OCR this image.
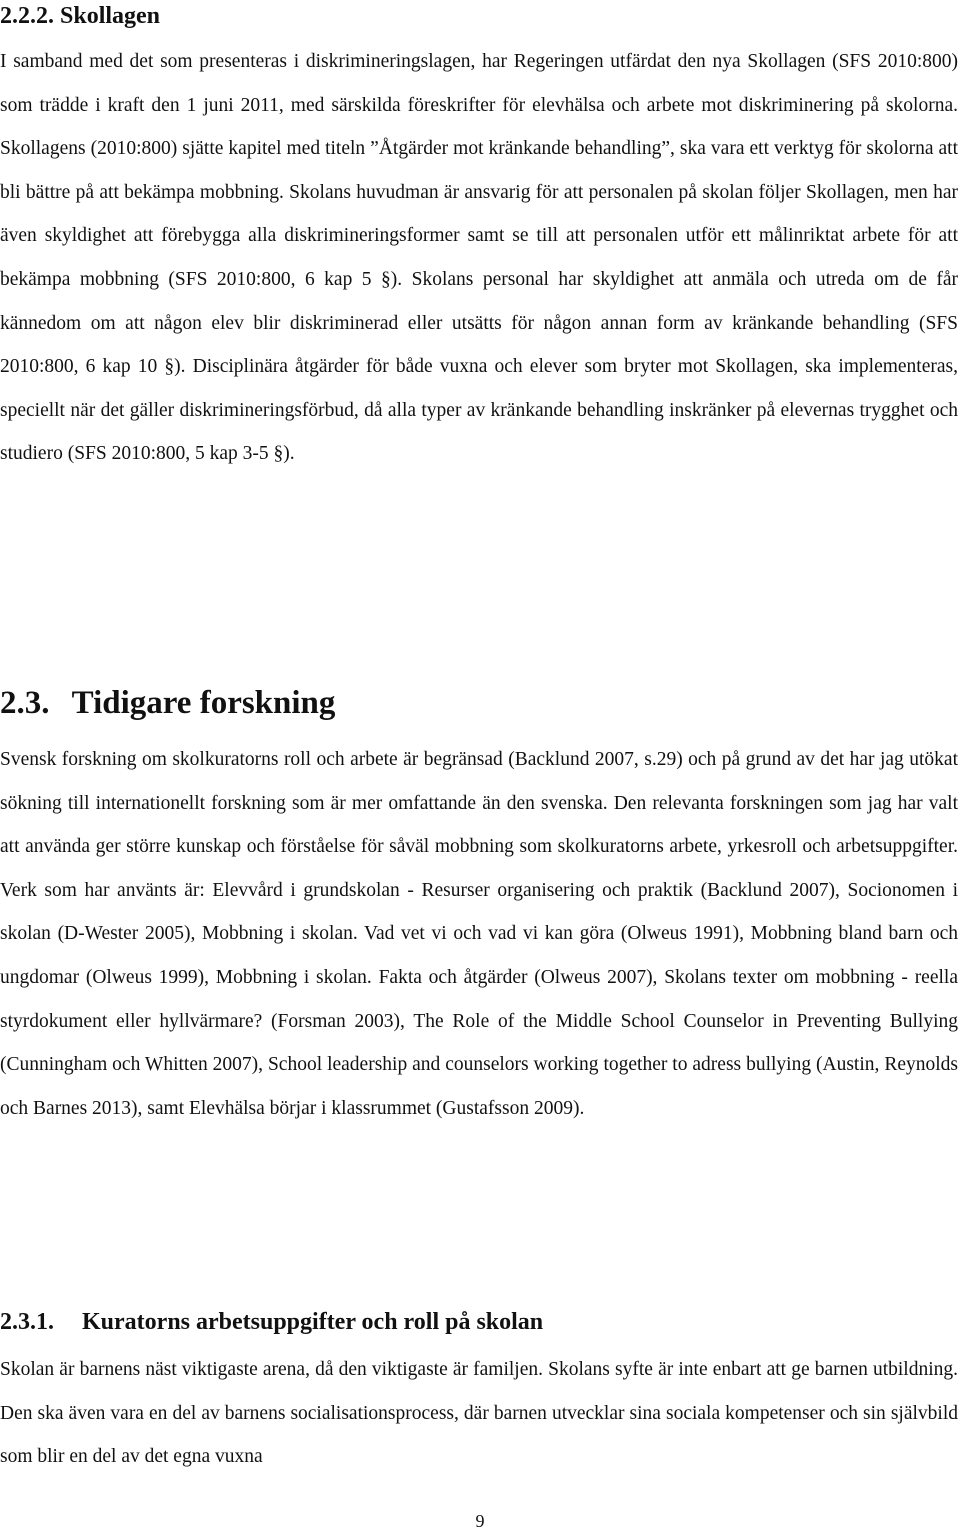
2.2.2. Skollagen

I samband med det som presenteras i diskrimineringslagen, har Regeringen utfärdat den nya Skollagen (SFS 2010:800) som trädde i kraft den 1 juni 2011, med särskilda föreskrifter för elevhälsa och arbete mot diskriminering på skolorna. Skollagens (2010:800) sjätte kapitel med titeln ”Åtgärder mot kränkande behandling”, ska vara ett verktyg för skolorna att bli bättre på att bekämpa mobbning. Skolans huvudman är ansvarig för att personalen på skolan följer Skollagen, men har även skyldighet att förebygga alla diskrimineringsformer samt se till att personalen utför ett målinriktat arbete för att bekämpa mobbning (SFS 2010:800, 6 kap 5 §). Skolans personal har skyldighet att anmäla och utreda om de får kännedom om att någon elev blir diskriminerad eller utsätts för någon annan form av kränkande behandling (SFS 2010:800, 6 kap 10 §). Disciplinära åtgärder för både vuxna och elever som bryter mot Skollagen, ska implementeras, speciellt när det gäller diskrimineringsförbud, då alla typer av kränkande behandling inskränker på elevernas trygghet och studiero (SFS 2010:800, 5 kap 3-5 §).

2.3. Tidigare forskning

Svensk forskning om skolkuratorns roll och arbete är begränsad (Backlund 2007, s.29) och på grund av det har jag utökat sökning till internationellt forskning som är mer omfattande än den svenska. Den relevanta forskningen som jag har valt att använda ger större kunskap och förståelse för såväl mobbning som skolkuratorns arbete, yrkesroll och arbetsuppgifter. Verk som har använts är: Elevvård i grundskolan - Resurser organisering och praktik (Backlund 2007), Socionomen i skolan (D-Wester 2005), Mobbning i skolan. Vad vet vi och vad vi kan göra (Olweus 1991), Mobbning bland barn och ungdomar (Olweus 1999), Mobbning i skolan. Fakta och åtgärder (Olweus 2007), Skolans texter om mobbning - reella styrdokument eller hyllvärmare? (Forsman 2003), The Role of the Middle School Counselor in Preventing Bullying (Cunningham och Whitten 2007), School leadership and counselors working together to adress bullying (Austin, Reynolds och Barnes 2013), samt Elevhälsa börjar i klassrummet (Gustafsson 2009).

2.3.1. Kuratorns arbetsuppgifter och roll på skolan

Skolan är barnens näst viktigaste arena, då den viktigaste är familjen. Skolans syfte är inte enbart att ge barnen utbildning. Den ska även vara en del av barnens socialisationsprocess, där barnen utvecklar sina sociala kompetenser och sin självbild som blir en del av det egna vuxna

9
